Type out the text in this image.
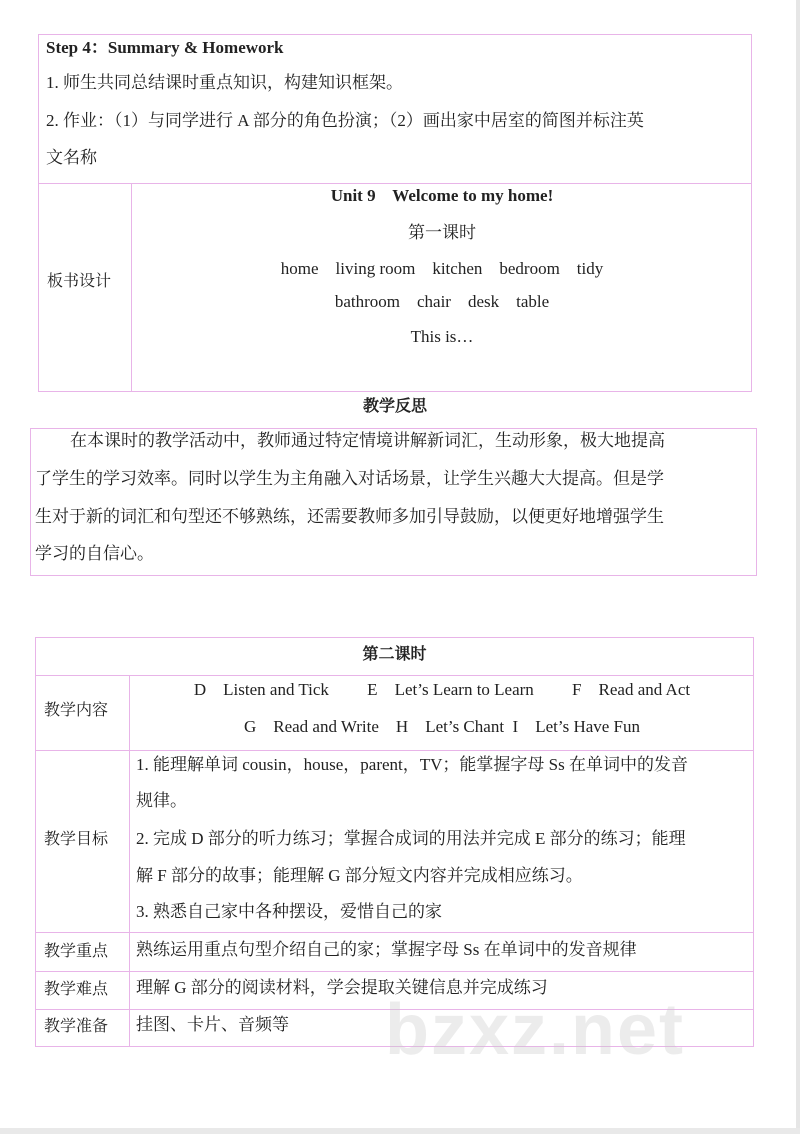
Step 4：Summary & Homework
1. 师生共同总结课时重点知识，构建知识框架。
2. 作业：（1）与同学进行 A 部分的角色扮演；（2）画出家中居室的简图并标注英
文名称
板书设计
Unit 9    Welcome to my home!
第一课时
home    living room    kitchen    bedroom    tidy
bathroom    chair    desk    table
This is…
教学反思
在本课时的教学活动中，教师通过特定情境讲解新词汇，生动形象，极大地提高
了学生的学习效率。同时以学生为主角融入对话场景，让学生兴趣大大提高。但是学
生对于新的词汇和句型还不够熟练，还需要教师多加引导鼓励，以便更好地增强学生
学习的自信心。
第二课时
教学内容
D    Listen and Tick         E    Let’s Learn to Learn         F    Read and Act
G    Read and Write    H    Let’s Chant  I    Let’s Have Fun
教学目标
1. 能理解单词 cousin，house，parent，TV；能掌握字母 Ss 在单词中的发音
规律。
2. 完成 D 部分的听力练习；掌握合成词的用法并完成 E 部分的练习；能理
解 F 部分的故事；能理解 G 部分短文内容并完成相应练习。
3. 熟悉自己家中各种摆设，爱惜自己的家
教学重点 熟练运用重点句型介绍自己的家；掌握字母 Ss 在单词中的发音规律
教学难点 理解 G 部分的阅读材料，学会提取关键信息并完成练习
教学准备 挂图、卡片、音频等 bzxz.net
